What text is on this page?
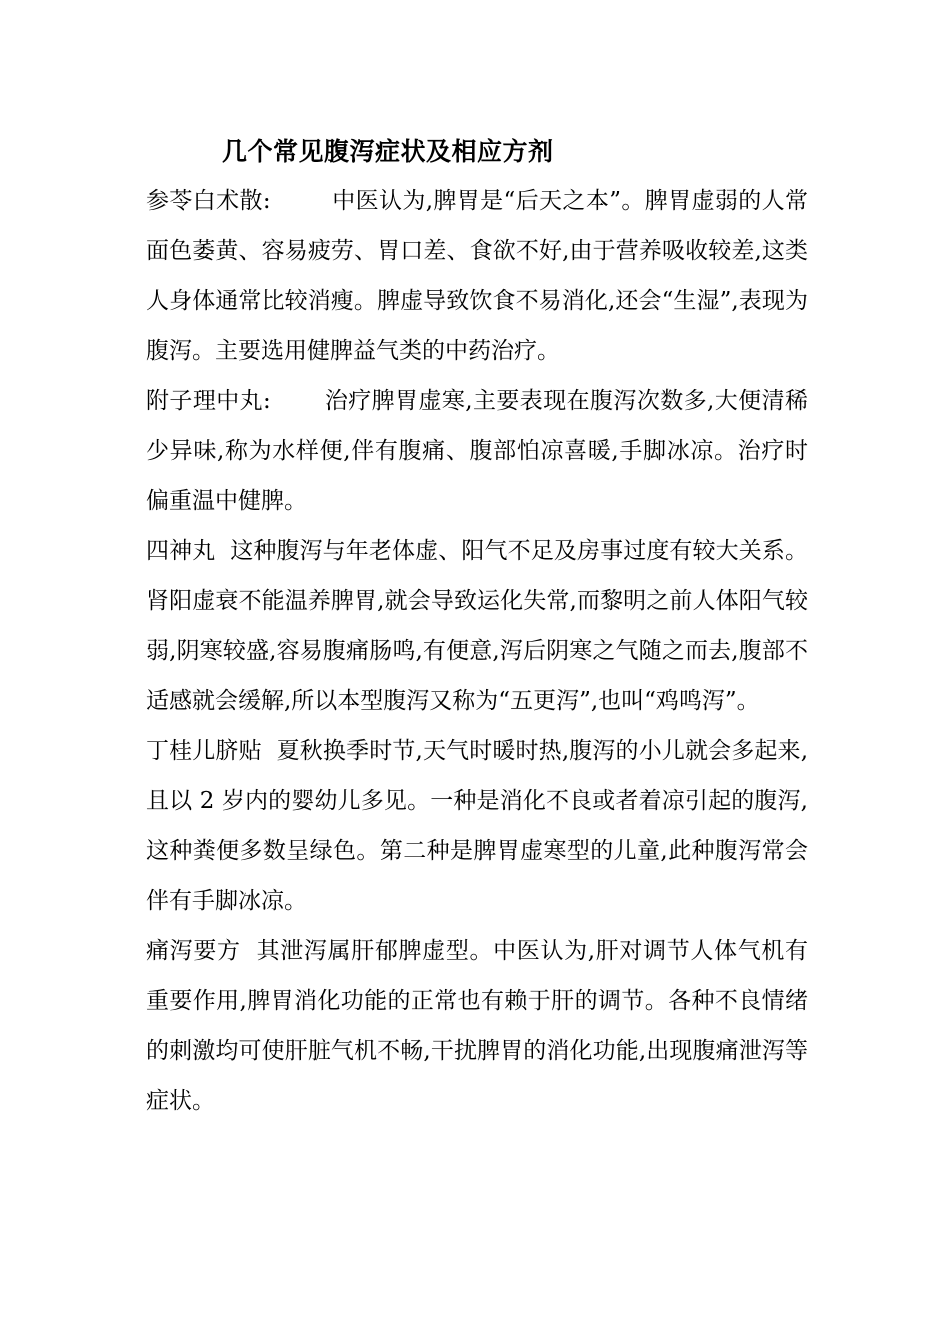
几个常见腹泻症状及相应方剂

参苓白术散:	中医认为,脾胃是“后天之本”。脾胃虚弱的人常面色萎黄、容易疲劳、胃口差、食欲不好,由于营养吸收较差,这类人身体通常比较消瘦。脾虚导致饮食不易消化,还会“生湿”,表现为腹泻。主要选用健脾益气类的中药治疗。

附子理中丸: 治疗脾胃虚寒,主要表现在腹泻次数多,大便清稀少异味,称为水样便,伴有腹痛、腹部怕凉喜暖,手脚冰凉。治疗时偏重温中健脾。

四神丸 这种腹泻与年老体虚、阳气不足及房事过度有较大关系。肾阳虚衰不能温养脾胃,就会导致运化失常,而黎明之前人体阳气较弱,阴寒较盛,容易腹痛肠鸣,有便意,泻后阴寒之气随之而去,腹部不适感就会缓解,所以本型腹泻又称为“五更泻”,也叫“鸡鸣泻”。

丁桂儿脐贴 夏秋换季时节,天气时暖时热,腹泻的小儿就会多起来,且以 2 岁内的婴幼儿多见。一种是消化不良或者着凉引起的腹泻,这种粪便多数呈绿色。第二种是脾胃虚寒型的儿童,此种腹泻常会伴有手脚冰凉。

痛泻要方 其泄泻属肝郁脾虚型。中医认为,肝对调节人体气机有重要作用,脾胃消化功能的正常也有赖于肝的调节。各种不良情绪的刺激均可使肝脏气机不畅,干扰脾胃的消化功能,出现腹痛泄泻等症状。
